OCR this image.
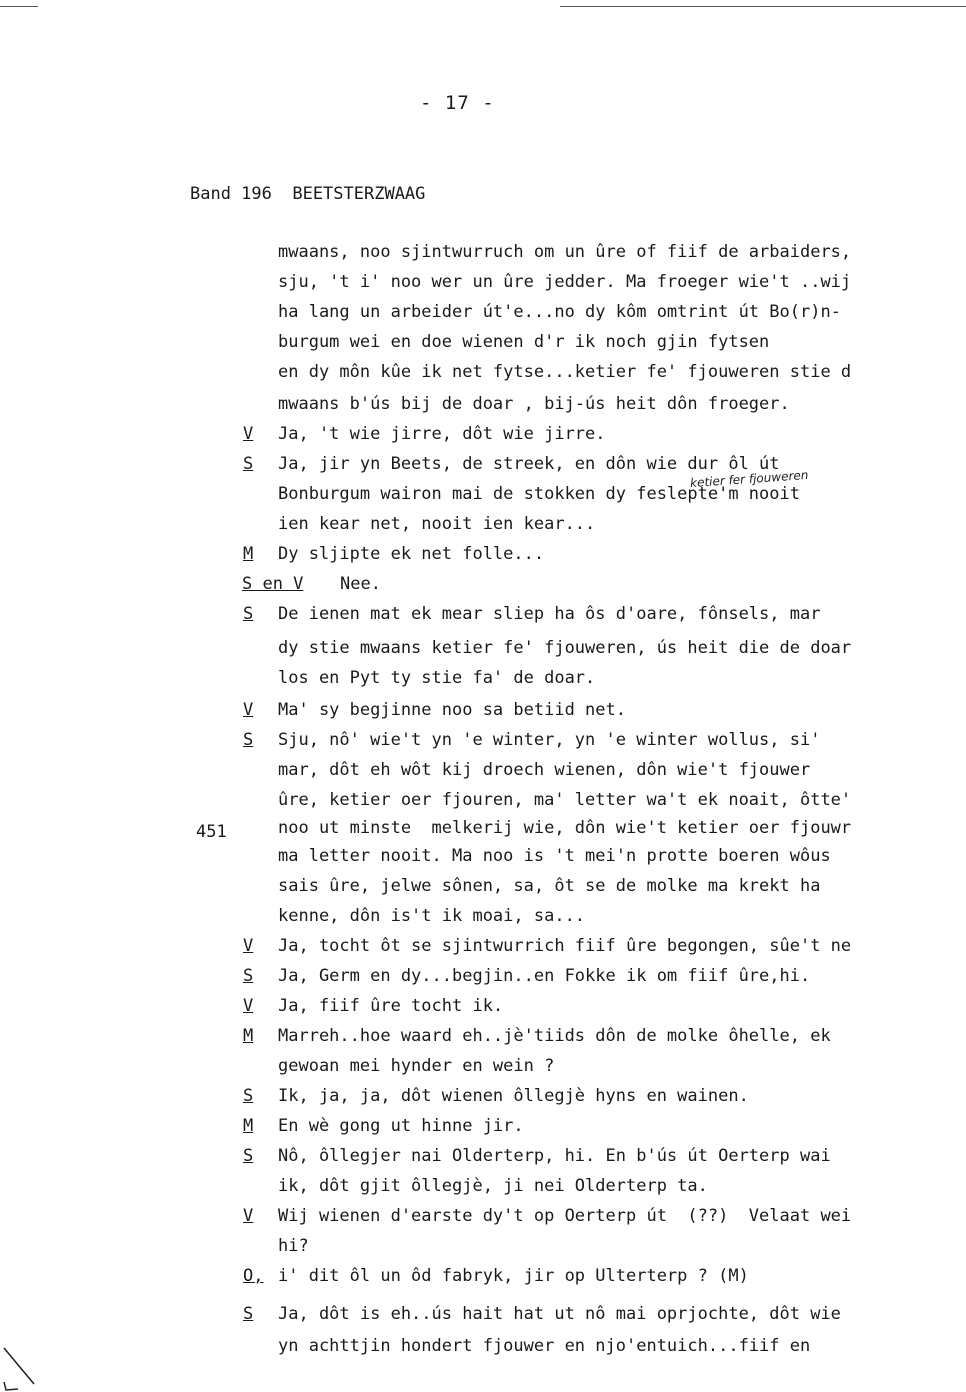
- 17 -
Band 196  BEETSTERZWAAG
451
ketier fer fjouweren
mwaans, noo sjintwurruch om un ûre of fiif de arbaiders,
sju, 't i' noo wer un ûre jedder. Ma froeger wie't ..wij
ha lang un arbeider út'e...no dy kôm omtrint út Bo(r)n-
burgum wei en doe wienen d'r ik noch gjin fytsen
en dy môn kûe ik net fytse...ketier fe' fjouweren stie d
mwaans b'ús bij de doar , bij-ús heit dôn froeger.
V Ja, 't wie jirre, dôt wie jirre.
S Ja, jir yn Beets, de streek, en dôn wie dur ôl út
Bonburgum wairon mai de stokken dy feslepte'm nooit
ien kear net, nooit ien kear...
M Dy sljipte ek net folle...
S en V Nee.
S De ienen mat ek mear sliep ha ôs d'oare, fônsels, mar
dy stie mwaans ketier fe' fjouweren, ús heit die de doar
los en Pyt ty stie fa' de doar.
V Ma' sy begjinne noo sa betiid net.
S Sju, nô' wie't yn 'e winter, yn 'e winter wollus, si'
mar, dôt eh wôt kij droech wienen, dôn wie't fjouwer
ûre, ketier oer fjouren, ma' letter wa't ek noait, ôtte'
noo ut minste  melkerij wie, dôn wie't ketier oer fjouwr
ma letter nooit. Ma noo is 't mei'n protte boeren wôus
sais ûre, jelwe sônen, sa, ôt se de molke ma krekt ha
kenne, dôn is't ik moai, sa...
V Ja, tocht ôt se sjintwurrich fiif ûre begongen, sûe't ne
S Ja, Germ en dy...begjin..en Fokke ik om fiif ûre,hi.
V Ja, fiif ûre tocht ik.
M Marreh..hoe waard eh..jè'tiids dôn de molke ôhelle, ek
gewoan mei hynder en wein ?
S Ik, ja, ja, dôt wienen ôllegjè hyns en wainen.
M En wè gong ut hinne jir.
S Nô, ôllegjer nai Olderterp, hi. En b'ús út Oerterp wai
ik, dôt gjit ôllegjè, ji nei Olderterp ta.
V Wij wienen d'earste dy't op Oerterp út  (??)  Velaat wei
hi?
O, i' dit ôl un ôd fabryk, jir op Ulterterp ? (M)
S Ja, dôt is eh..ús hait hat ut nô mai oprjochte, dôt wie
yn achttjin hondert fjouwer en njo'entuich...fiif en
